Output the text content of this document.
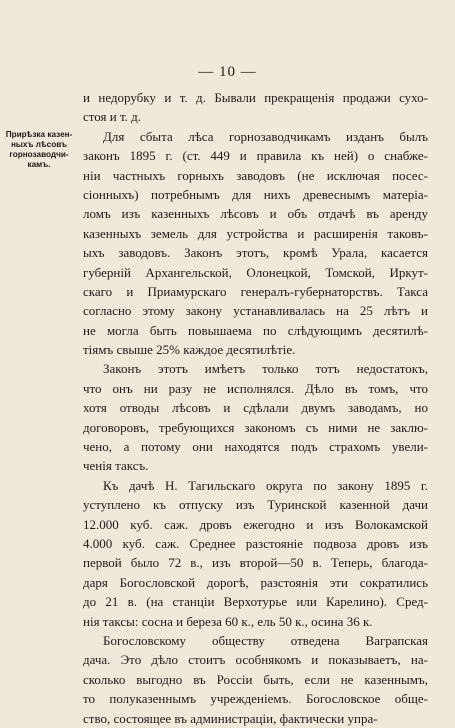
— 10 —
Прирѣзка казен-
ныхъ лѣсовъ
горнозаводчи-
камъ.
и недорубку и т. д. Бывали прекращенія продажи сухо-
стоя и т. д.
Для сбыта лѣса горнозаводчикамъ изданъ былъ
законъ 1895 г. (ст. 449 и правила къ ней) о снабже-
ніи частныхъ горныхъ заводовъ (не исключая посес-
сіонныхъ) потребнымъ для нихъ древеснымъ матеріа-
ломъ изъ казенныхъ лѣсовъ и объ отдачѣ въ аренду
казенныхъ земель для устройства и расширенія таковъ-
ыхъ заводовъ. Законъ этотъ, кромѣ Урала, касается
губерній Архангельской, Олонецкой, Томской, Иркут-
скаго и Приамурскаго генералъ-губернаторствъ. Такса
согласно этому закону устанавливалась на 25 лѣтъ и
не могла быть повышаема по слѣдующимъ десятилѣ-
тіямъ свыше 25% каждое десятилѣтіе.
Законъ этотъ имѣетъ только тотъ недостатокъ,
что онъ ни разу не исполнялся. Дѣло въ томъ, что
хотя отводы лѣсовъ и сдѣлали двумъ заводамъ, но
договоровъ, требующихся закономъ съ ними не заклю-
чено, а потому они находятся подъ страхомъ увели-
ченія таксъ.
Къ дачѣ Н. Тагильскаго округа по закону 1895 г.
уступлено къ отпуску изъ Туринской казенной дачи
12.000 куб. саж. дровъ ежегодно и изъ Волокамской
4.000 куб. саж. Среднее разстояніе подвоза дровъ изъ
первой было 72 в., изъ второй—50 в. Теперь, благода-
даря Богословской дорогѣ, разстоянія эти сократились
до 21 в. (на станціи Верхотурье или Карелино). Сред-
нія таксы: сосна и береза 60 к., ель 50 к., осина 36 к.
Богословскому обществу отведена Ваграпская
дача. Это дѣло стоитъ особнякомъ и показываетъ, на-
сколько выгодно въ Россіи быть, если не казеннымъ,
то полуказеннымъ учрежденіемъ. Богословское обще-
ство, состоящее въ администраціи, фактически упра-
